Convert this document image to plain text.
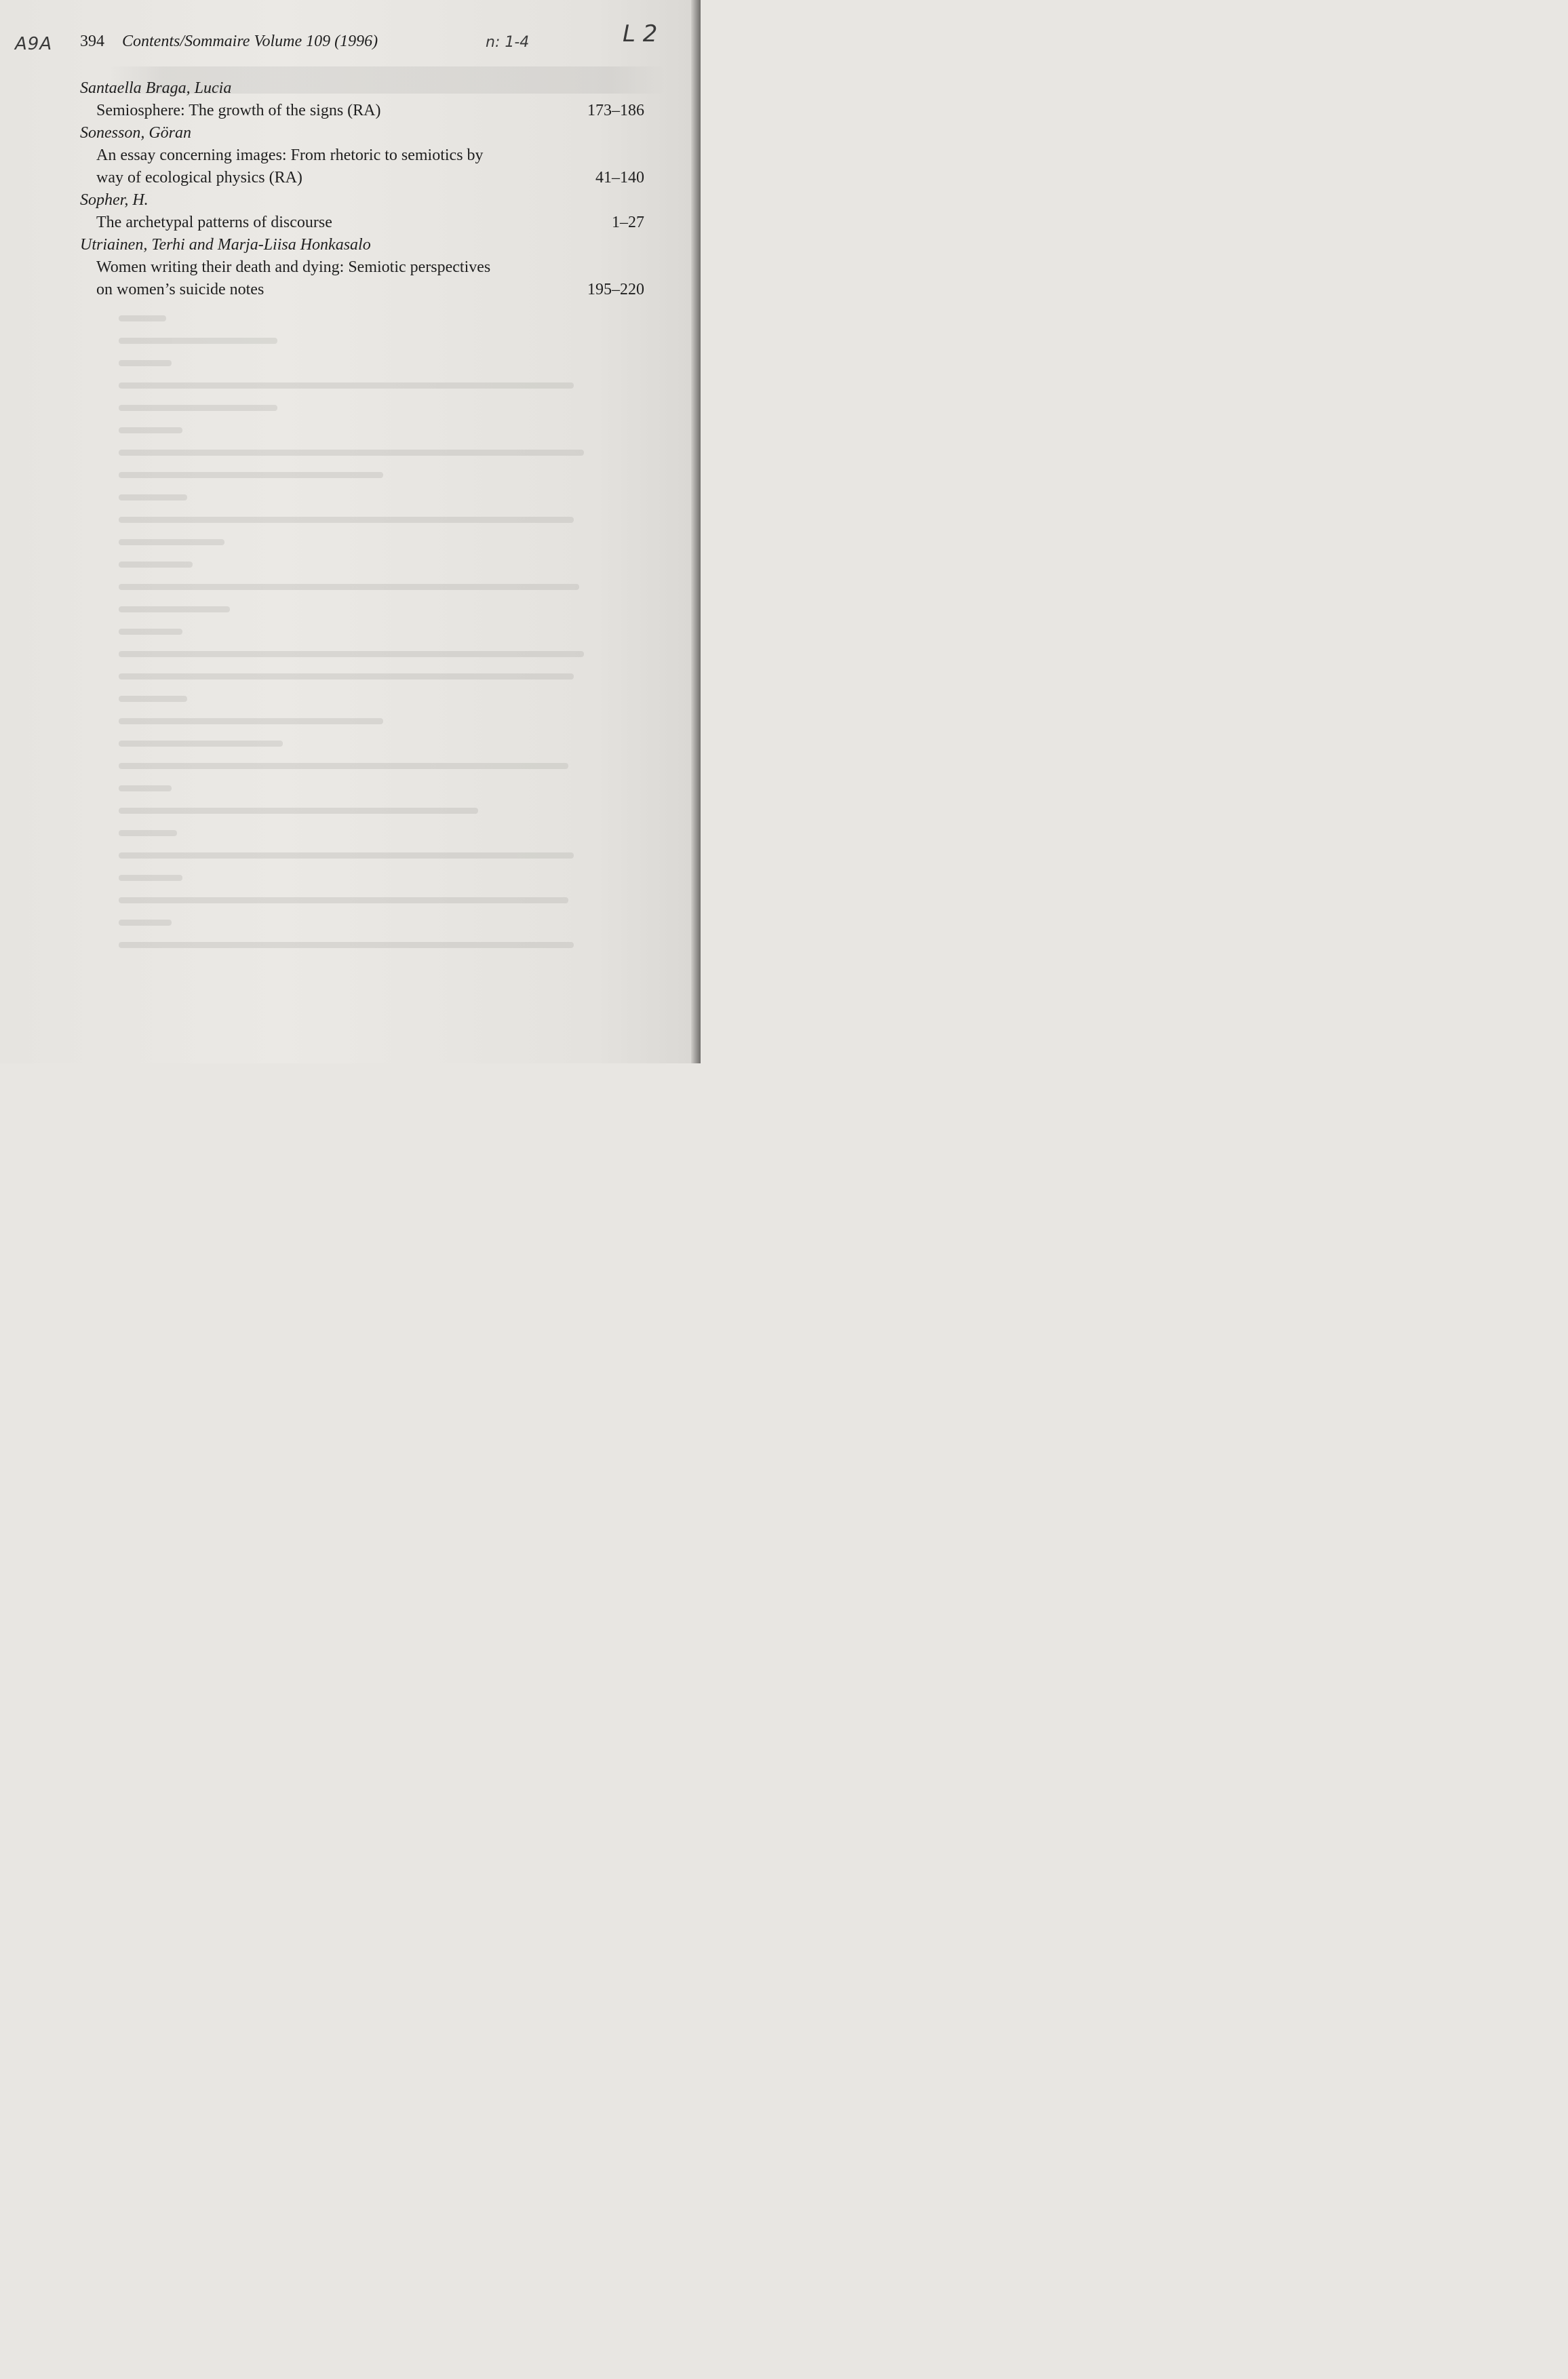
A9A	n: 1-4	L 2
394 Contents/Sommaire Volume 109 (1996)
Santaella Braga, Lucia
Semiosphere: The growth of the signs (RA)	173–186
Sonesson, Göran
An essay concerning images: From rhetoric to semiotics by
way of ecological physics (RA)	41–140
Sopher, H.
The archetypal patterns of discourse	1–27
Utriainen, Terhi and Marja-Liisa Honkasalo
Women writing their death and dying: Semiotic perspectives
on women’s suicide notes	195–220
